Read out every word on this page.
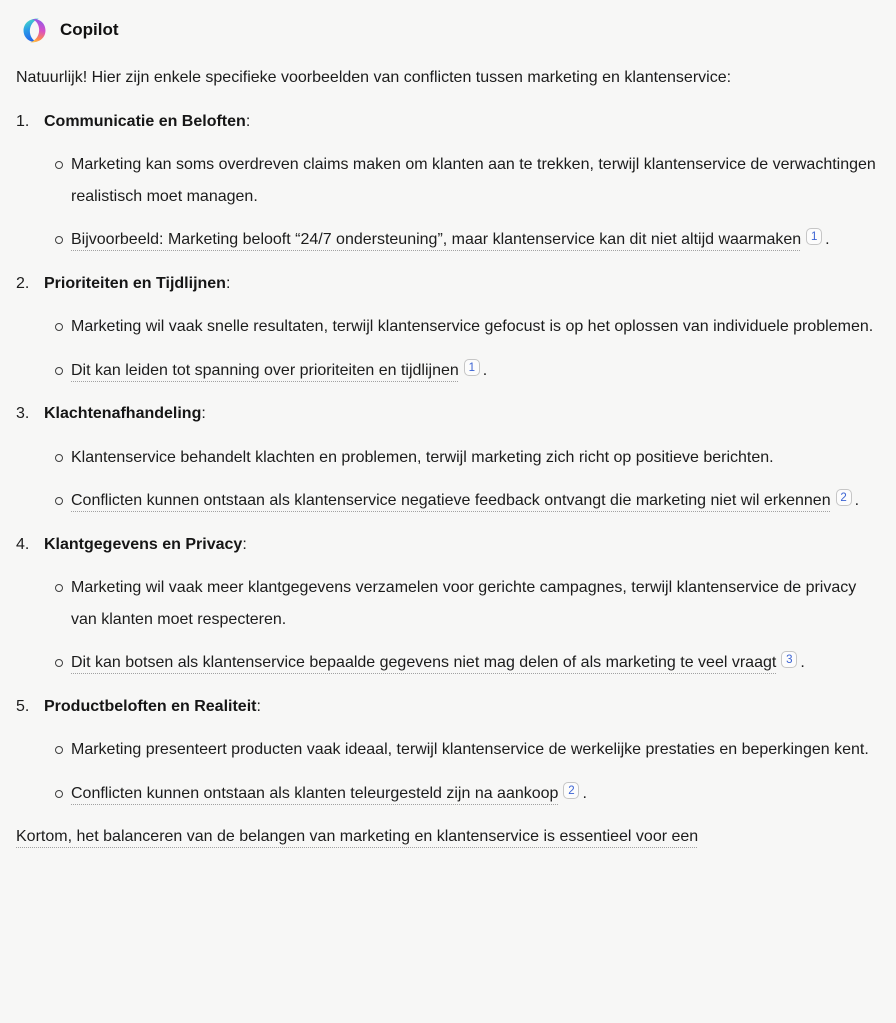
Copilot

Natuurlijk! Hier zijn enkele specifieke voorbeelden van conflicten tussen marketing en klantenservice:

1. Communicatie en Beloften:
Marketing kan soms overdreven claims maken om klanten aan te trekken, terwijl klantenservice de verwachtingen realistisch moet managen.
Bijvoorbeeld: Marketing belooft “24/7 ondersteuning”, maar klantenservice kan dit niet altijd waarmaken 1 .
2. Prioriteiten en Tijdlijnen:
Marketing wil vaak snelle resultaten, terwijl klantenservice gefocust is op het oplossen van individuele problemen.
Dit kan leiden tot spanning over prioriteiten en tijdlijnen 1 .
3. Klachtenafhandeling:
Klantenservice behandelt klachten en problemen, terwijl marketing zich richt op positieve berichten.
Conflicten kunnen ontstaan als klantenservice negatieve feedback ontvangt die marketing niet wil erkennen 2 .
4. Klantgegevens en Privacy:
Marketing wil vaak meer klantgegevens verzamelen voor gerichte campagnes, terwijl klantenservice de privacy van klanten moet respecteren.
Dit kan botsen als klantenservice bepaalde gegevens niet mag delen of als marketing te veel vraagt 3 .
5. Productbeloften en Realiteit:
Marketing presenteert producten vaak ideaal, terwijl klantenservice de werkelijke prestaties en beperkingen kent.
Conflicten kunnen ontstaan als klanten teleurgesteld zijn na aankoop 2 .

Kortom, het balanceren van de belangen van marketing en klantenservice is essentieel voor een
